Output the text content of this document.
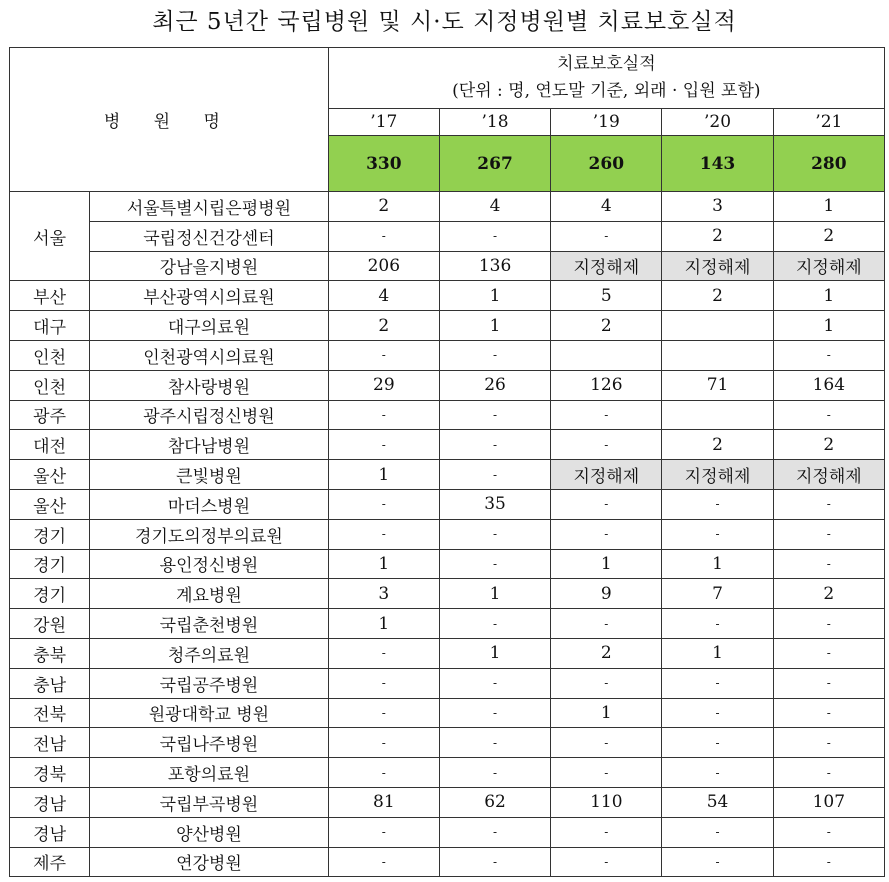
최근 5년간 국립병원 및 시·도 지정병원별 치료보호실적
병 원 명		치료보호실적
(단위 : 명, 연도말 기준, 외래 · 입원 포함)				

		’17	’18	’19	’20	’21
		330	267	260	143	280
서울	서울특별시립은평병원	2	4	4	3	1
	국립정신건강센터	-	-	-	2	2
	강남을지병원	206	136	지정해제	지정해제	지정해제
부산	부산광역시의료원	4	1	5	2	1
대구	대구의료원	2	1	2		1
인천	인천광역시의료원	-	-			-
인천	참사랑병원	29	26	126	71	164
광주	광주시립정신병원	-	-	-		-
대전	참다남병원	-	-	-	2	2
울산	큰빛병원	1	-	지정해제	지정해제	지정해제
울산	마더스병원	-	35	-	-	-
경기	경기도의정부의료원	-	-	-	-	-
경기	용인정신병원	1	-	1	1	-
경기	계요병원	3	1	9	7	2
강원	국립춘천병원	1	-	-	-	-
충북	청주의료원	-	1	2	1	-
충남	국립공주병원	-	-	-	-	-
전북	원광대학교 병원	-	-	1	-	-
전남	국립나주병원	-	-	-	-	-
경북	포항의료원	-	-	-	-	-
경남	국립부곡병원	81	62	110	54	107
경남	양산병원	-	-	-	-	-
제주	연강병원	-	-	-	-	-
